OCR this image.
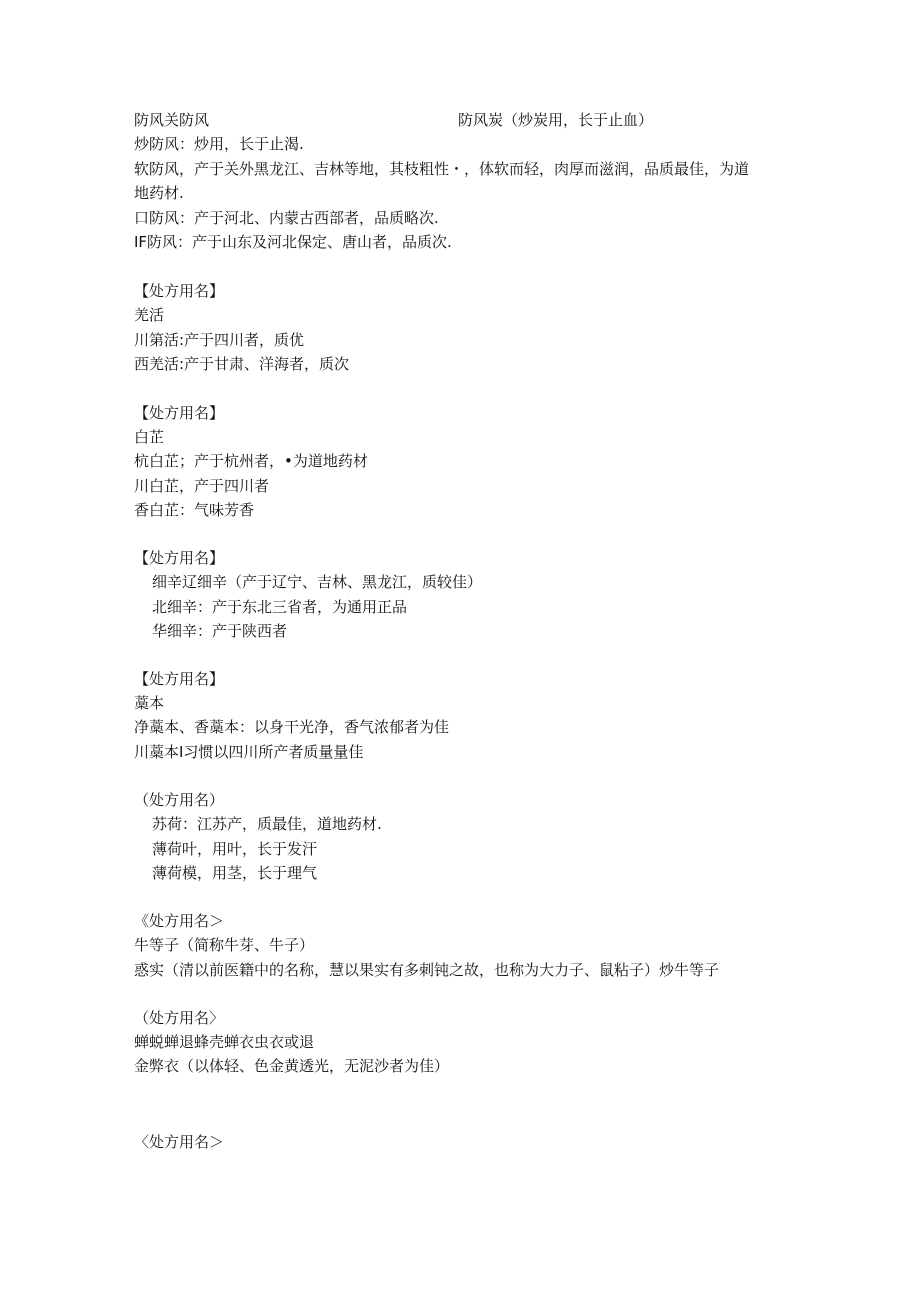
防风关防风	防风炭（炒炭用，长于止血）
炒防风：炒用，长于止渴.
软防风，产于关外黑龙江、吉林等地，其枝粗性・，体软而轻，肉厚而滋润，品质最佳，为道
地药材.
口防风：产于河北、内蒙古西部者，品质略次.
IF防风：产于山东及河北保定、唐山者，品质次.
【处方用名】
羌活
川第活:产于四川者，质优
西羌活:产于甘肃、洋海者，质次
【处方用名】
白芷
杭白芷；产于杭州者，•为道地药材
川白芷，产于四川者
香白芷：气味芳香
【处方用名】
细辛辽细辛（产于辽宁、吉林、黑龙江，质较佳）
北细辛：产于东北三省者，为通用正品
华细辛：产于陕西者
【处方用名】
藁本
净藁本、香藁本：以身干光净，香气浓郁者为佳
川藁本I习惯以四川所产者质量量佳
（处方用名）
苏荷：江苏产，质最佳，道地药材.
薄荷叶，用叶，长于发汗
薄荷模，用茎，长于理气
《处方用名＞
牛等子（简称牛芽、牛子）
惑实（清以前医籍中的名称，慧以果实有多刺钝之故，也称为大力子、鼠粘子）炒牛等子
（处方用名〉
蝉蜕蝉退蜂壳蝉衣虫衣或退
金弊衣（以体轻、色金黄透光，无泥沙者为佳）
〈处方用名＞
